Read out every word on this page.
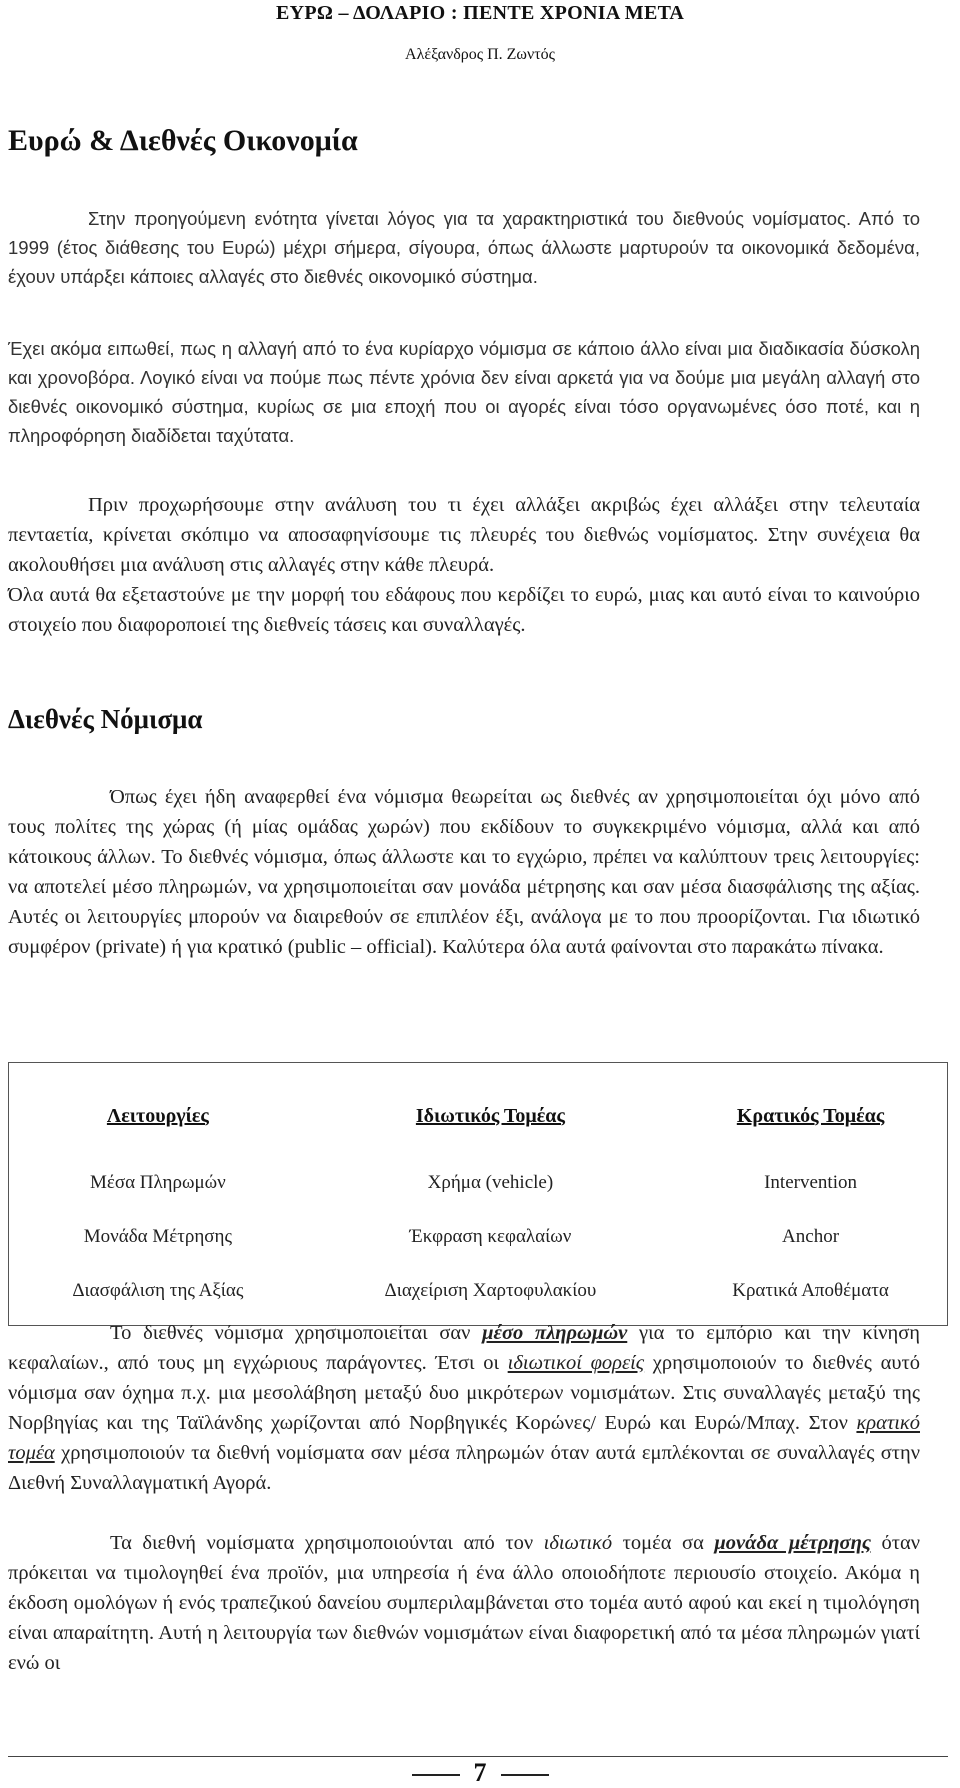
ΕΥΡΩ – ΔΟΛΑΡΙΟ : ΠΕΝΤΕ ΧΡΟΝΙΑ ΜΕΤΑ
Αλέξανδρος Π. Ζωντός
Ευρώ & Διεθνές Οικονομία

Στην προηγούμενη ενότητα γίνεται λόγος για τα χαρακτηριστικά του διεθνούς νομίσματος. Από το 1999 (έτος διάθεσης του Ευρώ) μέχρι σήμερα, σίγουρα, όπως άλλωστε μαρτυρούν τα οικονομικά δεδομένα, έχουν υπάρξει κάποιες αλλαγές στο διεθνές οικονομικό σύστημα.

Έχει ακόμα ειπωθεί, πως η αλλαγή από το ένα κυρίαρχο νόμισμα σε κάποιο άλλο είναι μια διαδικασία δύσκολη και χρονοβόρα. Λογικό είναι να πούμε πως πέντε χρόνια δεν είναι αρκετά για να δούμε μια μεγάλη αλλαγή στο διεθνές οικονομικό σύστημα, κυρίως σε μια εποχή που οι αγορές είναι τόσο οργανωμένες όσο ποτέ, και η πληροφόρηση διαδίδεται ταχύτατα.

Πριν προχωρήσουμε στην ανάλυση του τι έχει αλλάξει ακριβώς έχει αλλάξει στην τελευταία πενταετία, κρίνεται σκόπιμο να αποσαφηνίσουμε τις πλευρές του διεθνώς νομίσματος. Στην συνέχεια θα ακολουθήσει μια ανάλυση στις αλλαγές στην κάθε πλευρά.

Όλα αυτά θα εξεταστούνε με την μορφή του εδάφους που κερδίζει το ευρώ, μιας και αυτό είναι το καινούριο στοιχείο που διαφοροποιεί της διεθνείς τάσεις και συναλλαγές.

Διεθνές Νόμισμα

Όπως έχει ήδη αναφερθεί ένα νόμισμα θεωρείται ως διεθνές αν χρησιμοποιείται όχι μόνο από τους πολίτες της χώρας (ή μίας ομάδας χωρών) που εκδίδουν το συγκεκριμένο νόμισμα, αλλά και από κάτοικους άλλων. Το διεθνές νόμισμα, όπως άλλωστε και το εγχώριο, πρέπει να καλύπτουν τρεις λειτουργίες: να αποτελεί μέσο πληρωμών, να χρησιμοποιείται σαν μονάδα μέτρησης και σαν μέσα διασφάλισης της αξίας. Αυτές οι λειτουργίες μπορούν να διαιρεθούν σε επιπλέον έξι, ανάλογα με το που προορίζονται. Για ιδιωτικό συμφέρον (private) ή για κρατικό (public – official). Καλύτερα όλα αυτά φαίνονται στο παρακάτω πίνακα.

Λειτουργίες	Ιδιωτικός Τομέας	Κρατικός Τομέας
Μέσα Πληρωμών	Χρήμα (vehicle)	Intervention
Μονάδα Μέτρησης	Έκφραση κεφαλαίων	Anchor
Διασφάλιση της Αξίας	Διαχείριση Χαρτοφυλακίου	Κρατικά Αποθέματα

Το διεθνές νόμισμα χρησιμοποιείται σαν μέσο πληρωμών για το εμπόριο και την κίνηση κεφαλαίων., από τους μη εγχώριους παράγοντες. Έτσι οι ιδιωτικοί φορείς χρησιμοποιούν το διεθνές αυτό νόμισμα σαν όχημα π.χ. μια μεσολάβηση μεταξύ δυο μικρότερων νομισμάτων. Στις συναλλαγές μεταξύ της Νορβηγίας και της Ταϊλάνδης χωρίζονται από Νορβηγικές Κορώνες/ Ευρώ και Ευρώ/Μπαχ. Στον κρατικό τομέα χρησιμοποιούν τα διεθνή νομίσματα σαν μέσα πληρωμών όταν αυτά εμπλέκονται σε συναλλαγές στην Διεθνή Συναλλαγματική Αγορά.

Τα διεθνή νομίσματα χρησιμοποιούνται από τον ιδιωτικό τομέα σα μονάδα μέτρησης όταν πρόκειται να τιμολογηθεί ένα προϊόν, μια υπηρεσία ή ένα άλλο οποιοδήποτε περιουσίο στοιχείο. Ακόμα η έκδοση ομολόγων ή ενός τραπεζικού δανείου συμπεριλαμβάνεται στο τομέα αυτό αφού και εκεί η τιμολόγηση είναι απαραίτητη. Αυτή η λειτουργία των διεθνών νομισμάτων είναι διαφορετική από τα μέσα πληρωμών γιατί ενώ οι

7
